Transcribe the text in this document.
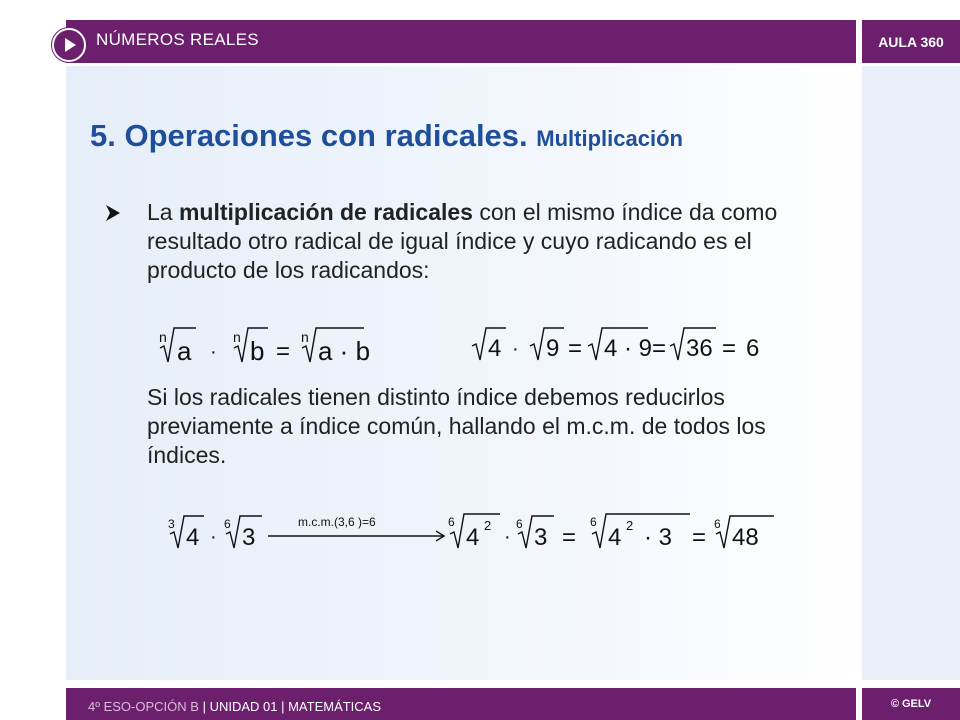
NÚMEROS REALES	AULA 360
5. Operaciones con radicales. Multiplicación
La multiplicación de radicales con el mismo índice da como resultado otro radical de igual índice y cuyo radicando es el producto de los radicandos:
n a ·
n b =
n a · b	4 · 9 = 4 · 9 = 36 = 6
Si los radicales tienen distinto índice debemos reducirlos previamente a índice común, hallando el m.c.m. de todos los índices.
3 4 ·
6 3
m.c.m.(3,6 )=6	6
4 2
·
6 3 =
6
4 2 · 3 = 6 48
4º ESO-OPCIÓN B | UNIDAD 01 | MATEMÁTICAS	© GELV
